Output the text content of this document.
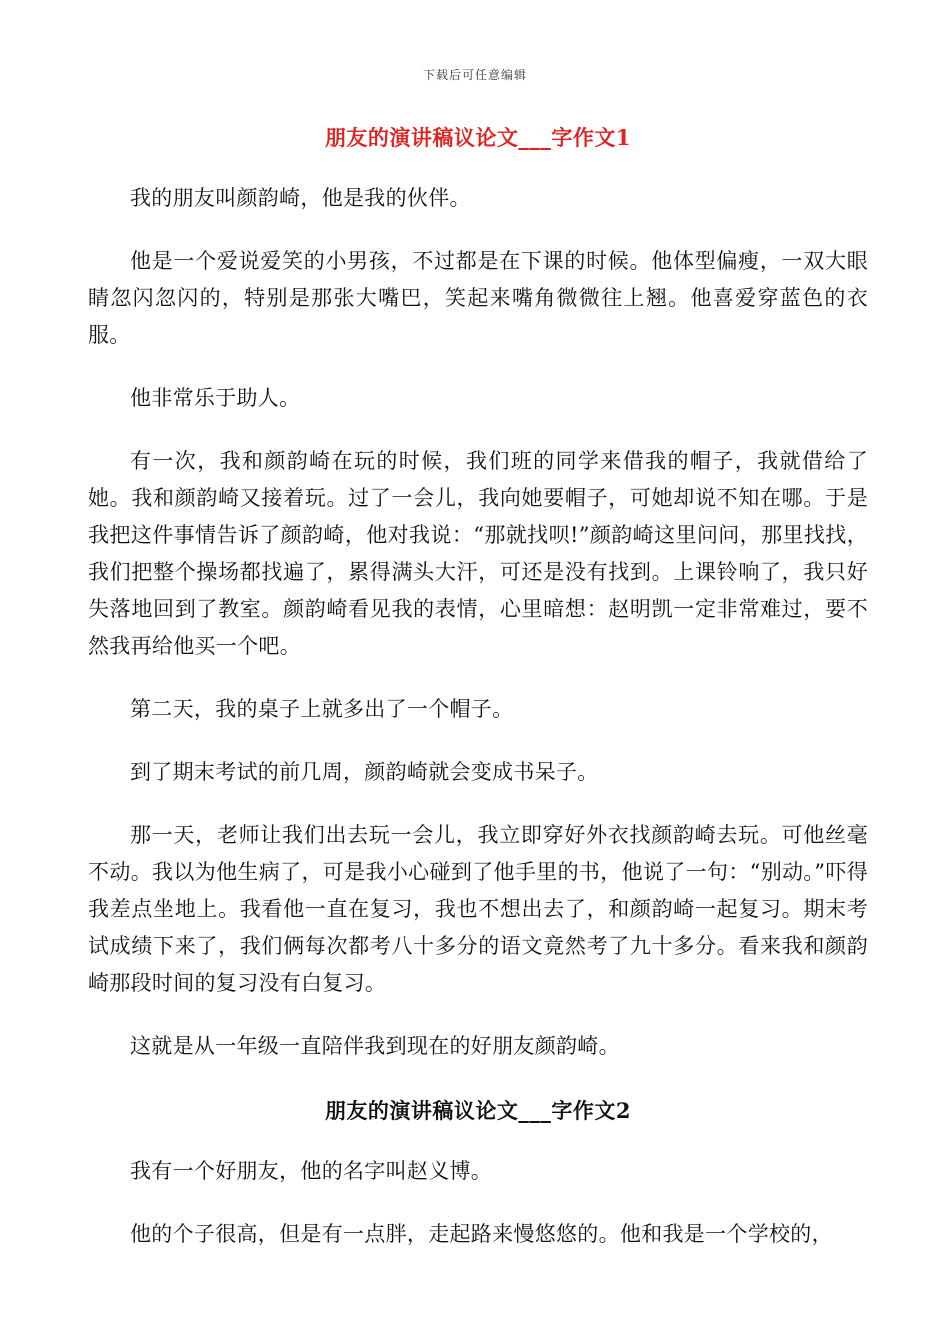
下载后可任意编辑
朋友的演讲稿议论文___字作文1

我的朋友叫颜韵崎，他是我的伙伴。

他是一个爱说爱笑的小男孩，不过都是在下课的时候。他体型偏瘦，一双大眼睛忽闪忽闪的，特别是那张大嘴巴，笑起来嘴角微微往上翘。他喜爱穿蓝色的衣服。

他非常乐于助人。

有一次，我和颜韵崎在玩的时候，我们班的同学来借我的帽子，我就借给了她。我和颜韵崎又接着玩。过了一会儿，我向她要帽子，可她却说不知在哪。于是我把这件事情告诉了颜韵崎，他对我说：“那就找呗!”颜韵崎这里问问，那里找找，我们把整个操场都找遍了，累得满头大汗，可还是没有找到。上课铃响了，我只好失落地回到了教室。颜韵崎看见我的表情，心里暗想：赵明凯一定非常难过，要不然我再给他买一个吧。

第二天，我的桌子上就多出了一个帽子。

到了期末考试的前几周，颜韵崎就会变成书呆子。

那一天，老师让我们出去玩一会儿，我立即穿好外衣找颜韵崎去玩。可他丝毫不动。我以为他生病了，可是我小心碰到了他手里的书，他说了一句：“别动。”吓得我差点坐地上。我看他一直在复习，我也不想出去了，和颜韵崎一起复习。期末考试成绩下来了，我们俩每次都考八十多分的语文竟然考了九十多分。看来我和颜韵崎那段时间的复习没有白复习。

这就是从一年级一直陪伴我到现在的好朋友颜韵崎。

朋友的演讲稿议论文___字作文2

我有一个好朋友，他的名字叫赵义博。

他的个子很高，但是有一点胖，走起路来慢悠悠的。他和我是一个学校的，
